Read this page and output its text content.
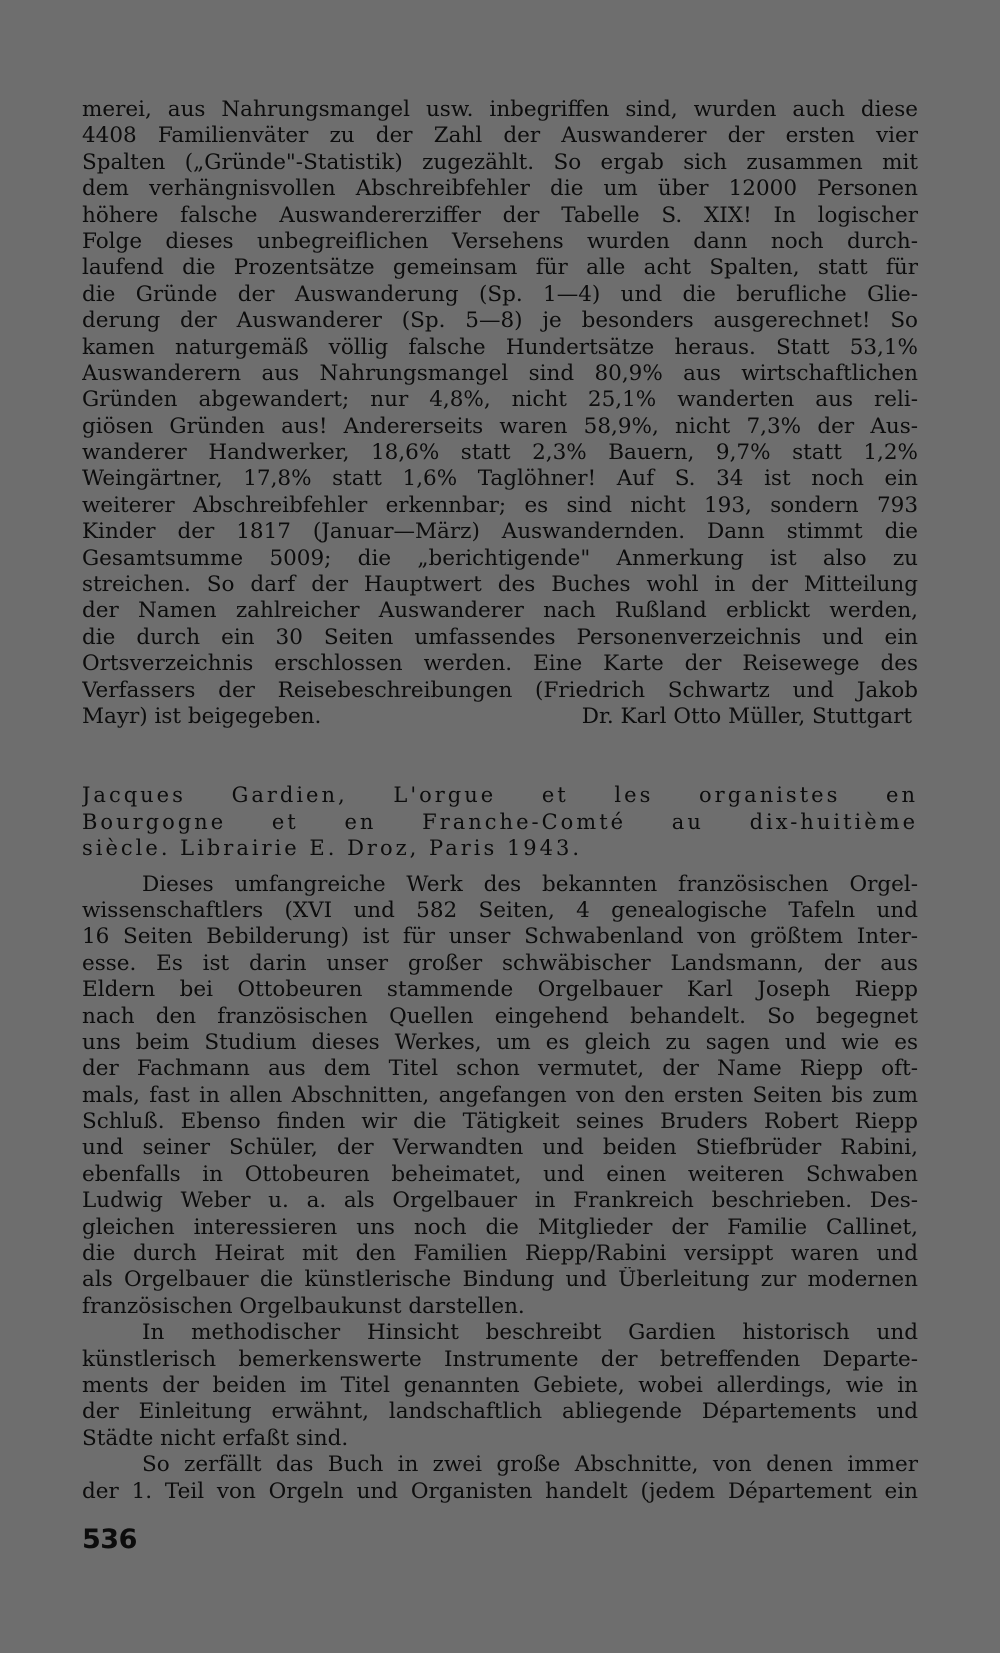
merei, aus Nahrungsmangel usw. inbegriffen sind, wurden auch diese
4408 Familienväter zu der Zahl der Auswanderer der ersten vier
Spalten („Gründe"-Statistik) zugezählt. So ergab sich zusammen mit
dem verhängnisvollen Abschreibfehler die um über 12000 Personen
höhere falsche Auswandererziffer der Tabelle S. XIX! In logischer
Folge dieses unbegreiflichen Versehens wurden dann noch durch-
laufend die Prozentsätze gemeinsam für alle acht Spalten, statt für
die Gründe der Auswanderung (Sp. 1—4) und die berufliche Glie-
derung der Auswanderer (Sp. 5—8) je besonders ausgerechnet! So
kamen naturgemäß völlig falsche Hundertsätze heraus. Statt 53,1%
Auswanderern aus Nahrungsmangel sind 80,9% aus wirtschaftlichen
Gründen abgewandert; nur 4,8%, nicht 25,1% wanderten aus reli-
giösen Gründen aus! Andererseits waren 58,9%, nicht 7,3% der Aus-
wanderer Handwerker, 18,6% statt 2,3% Bauern, 9,7% statt 1,2%
Weingärtner, 17,8% statt 1,6% Taglöhner! Auf S. 34 ist noch ein
weiterer Abschreibfehler erkennbar; es sind nicht 193, sondern 793
Kinder der 1817 (Januar—März) Auswandernden. Dann stimmt die
Gesamtsumme 5009; die „berichtigende" Anmerkung ist also zu
streichen. So darf der Hauptwert des Buches wohl in der Mitteilung
der Namen zahlreicher Auswanderer nach Rußland erblickt werden,
die durch ein 30 Seiten umfassendes Personenverzeichnis und ein
Ortsverzeichnis erschlossen werden. Eine Karte der Reisewege des
Verfassers der Reisebeschreibungen (Friedrich Schwartz und Jakob
Mayr) ist beigegeben.	Dr. Karl Otto Müller, Stuttgart
Jacques Gardien, L'orgue et les organistes en
Bourgogne et en Franche-Comté au dix-huitième
siècle. Librairie E. Droz, Paris 1943.
Dieses umfangreiche Werk des bekannten französischen Orgel-
wissenschaftlers (XVI und 582 Seiten, 4 genealogische Tafeln und
16 Seiten Bebilderung) ist für unser Schwabenland von größtem Inter-
esse. Es ist darin unser großer schwäbischer Landsmann, der aus
Eldern bei Ottobeuren stammende Orgelbauer Karl Joseph Riepp
nach den französischen Quellen eingehend behandelt. So begegnet
uns beim Studium dieses Werkes, um es gleich zu sagen und wie es
der Fachmann aus dem Titel schon vermutet, der Name Riepp oft-
mals, fast in allen Abschnitten, angefangen von den ersten Seiten bis zum
Schluß. Ebenso finden wir die Tätigkeit seines Bruders Robert Riepp
und seiner Schüler, der Verwandten und beiden Stiefbrüder Rabini,
ebenfalls in Ottobeuren beheimatet, und einen weiteren Schwaben
Ludwig Weber u. a. als Orgelbauer in Frankreich beschrieben. Des-
gleichen interessieren uns noch die Mitglieder der Familie Callinet,
die durch Heirat mit den Familien Riepp/Rabini versippt waren und
als Orgelbauer die künstlerische Bindung und Überleitung zur modernen
französischen Orgelbaukunst darstellen.
In methodischer Hinsicht beschreibt Gardien historisch und
künstlerisch bemerkenswerte Instrumente der betreffenden Departe-
ments der beiden im Titel genannten Gebiete, wobei allerdings, wie in
der Einleitung erwähnt, landschaftlich abliegende Départements und
Städte nicht erfaßt sind.
So zerfällt das Buch in zwei große Abschnitte, von denen immer
der 1. Teil von Orgeln und Organisten handelt (jedem Département ein
536
